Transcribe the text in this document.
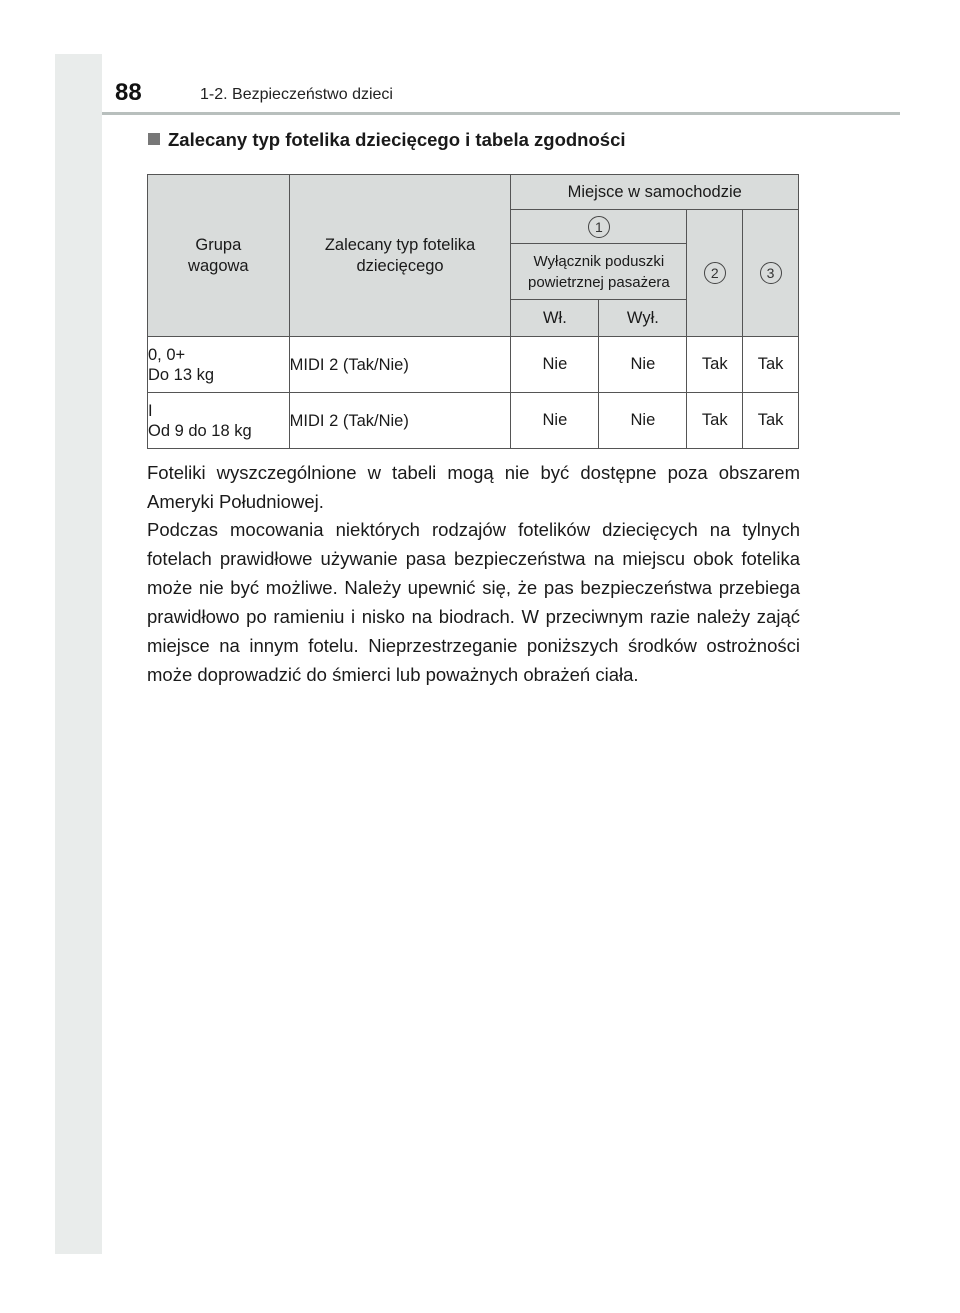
88	1-2. Bezpieczeństwo dzieci
Zalecany typ fotelika dziecięcego i tabela zgodności
Grupa wagowa	Zalecany typ fotelika dziecięcego	Miejsce w samochodzie			
		1		2	3
		Wyłącznik poduszki powietrznej pasażera			
		Wł.	Wył.		
0, 0+
Do 13 kg	MIDI 2 (Tak/Nie)	Nie	Nie	Tak	Tak
I
Od 9 do 18 kg	MIDI 2 (Tak/Nie)	Nie	Nie	Tak	Tak

Foteliki wyszczególnione w tabeli mogą nie być dostępne poza obszarem Ameryki Południowej.

Podczas mocowania niektórych rodzajów fotelików dziecięcych na tylnych fotelach prawidłowe używanie pasa bezpieczeństwa na miejscu obok fotelika może nie być możliwe. Należy upewnić się, że pas bezpieczeństwa przebiega prawidłowo po ramieniu i nisko na biodrach. W przeciwnym razie należy zająć miejsce na innym fotelu. Nieprzestrzeganie poniższych środków ostrożności może doprowadzić do śmierci lub poważnych obrażeń ciała.
